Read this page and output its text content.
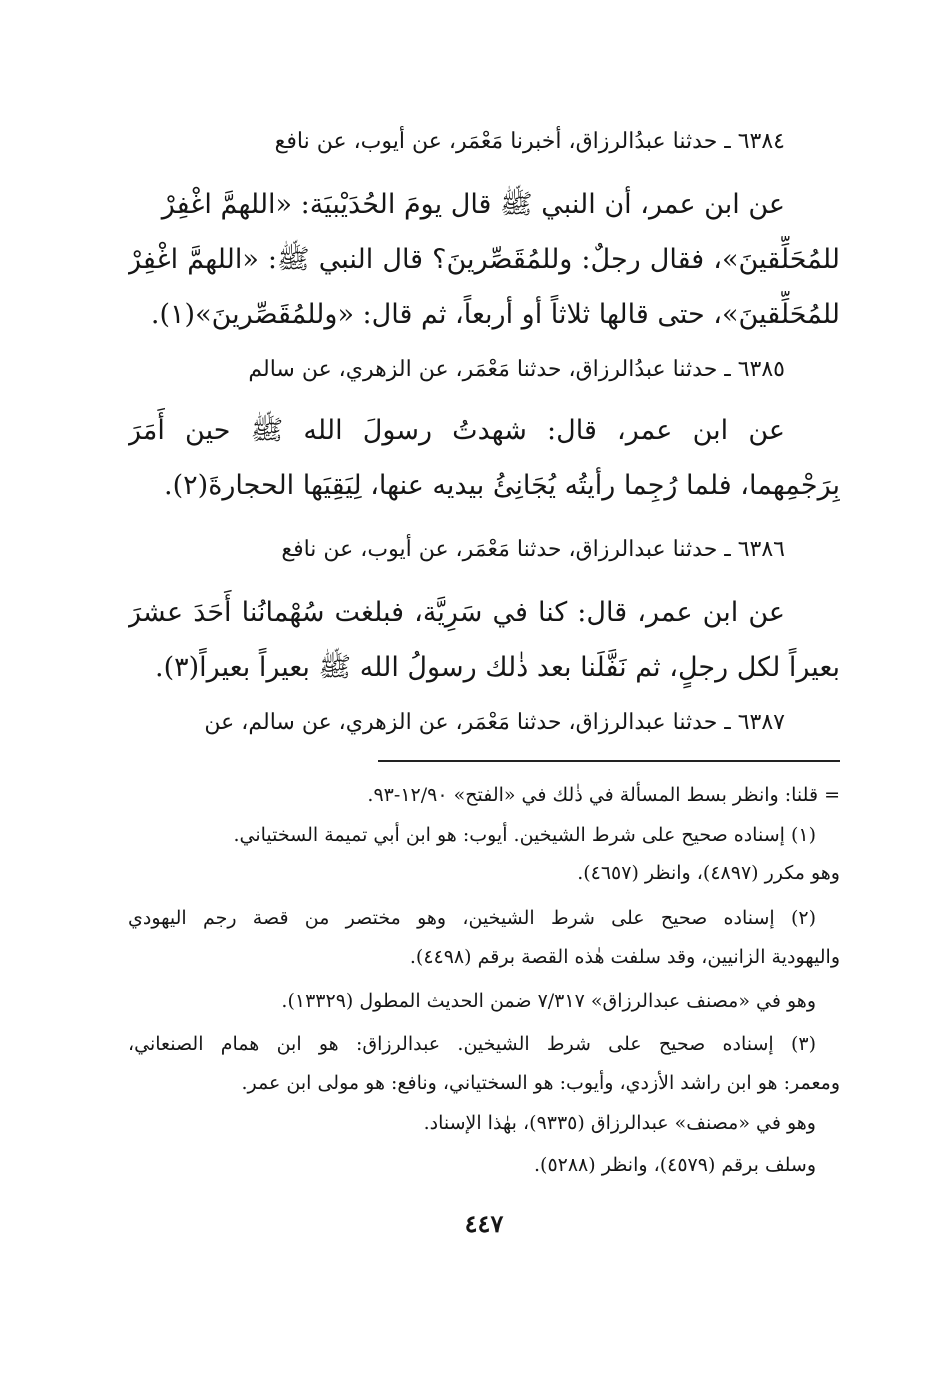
٦٣٨٤ ـ حدثنا عبدُالرزاق، أخبرنا مَعْمَر، عن أيوب، عن نافع
عن ابن عمر، أن النبي ﷺ قال يومَ الحُدَيْبيَة: «اللهمَّ اغْفِرْ
للمُحَلِّقينَ»، فقال رجلٌ: وللمُقَصِّرينَ؟ قال النبي ﷺ: «اللهمَّ اغْفِرْ
للمُحَلِّقينَ»، حتى قالها ثلاثاً أو أربعاً، ثم قال: «وللمُقَصِّرينَ»(١).
٦٣٨٥ ـ حدثنا عبدُالرزاق، حدثنا مَعْمَر، عن الزهري، عن سالم
عن ابن عمر، قال: شهدتُ رسولَ الله ﷺ حين أَمَرَ
بِرَجْمِهما، فلما رُجِما رأيتُه يُجَانِئُ بيديه عنها، لِيَقِيَها الحجارةَ(٢).
٦٣٨٦ ـ حدثنا عبدالرزاق، حدثنا مَعْمَر، عن أيوب، عن نافع
عن ابن عمر، قال: كنا في سَرِيَّة، فبلغت سُهْمانُنا أَحَدَ عشرَ
بعيراً لكل رجلٍ، ثم نَفَّلَنا بعد ذٰلك رسولُ الله ﷺ بعيراً بعيراً(٣).
٦٣٨٧ ـ حدثنا عبدالرزاق، حدثنا مَعْمَر، عن الزهري، عن سالم، عن
= قلنا: وانظر بسط المسألة في ذٰلك في «الفتح» ١٢/٩٠-٩٣.
(١) إسناده صحيح على شرط الشيخين. أيوب: هو ابن أبي تميمة السختياني.
وهو مكرر (٤٨٩٧)، وانظر (٤٦٥٧).
(٢) إسناده صحيح على شرط الشيخين، وهو مختصر من قصة رجم اليهودي
واليهودية الزانيين، وقد سلفت هٰذه القصة برقم (٤٤٩٨).
وهو في «مصنف عبدالرزاق» ٧/٣١٧ ضمن الحديث المطول (١٣٣٢٩).
(٣) إسناده صحيح على شرط الشيخين. عبدالرزاق: هو ابن همام الصنعاني،
ومعمر: هو ابن راشد الأزدي، وأيوب: هو السختياني، ونافع: هو مولى ابن عمر.
وهو في «مصنف» عبدالرزاق (٩٣٣٥)، بهٰذا الإسناد.
وسلف برقم (٤٥٧٩)، وانظر (٥٢٨٨).
٤٤٧
